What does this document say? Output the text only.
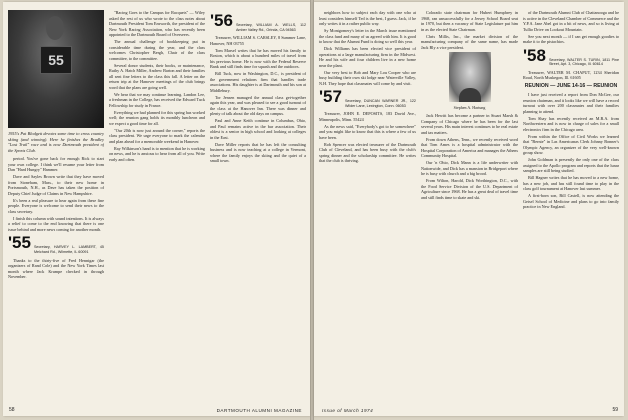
55
1955's Pat Blodgett devotes some time to cross country skiing (and winning). Here he finishes the Bradley "Lost Trail" race and is now Dartmouth president of the Sports Club.

period. You've gone back for enough Rick to start your own college. I think we'll resume your letter from Dan "Hard Hungry" Hammer.

Dave and Sayles Brown write that they have moved from Stoneham, Mass., to their new home in Portsmouth, N.H., as Dave has taken the position of Deputy Chief Judge of Claims in New Hampshire.

It's been a real pleasure to hear again from these fine people. Everyone is welcome to send their news to the class secretary.

I finish this column with sound intentions. It is always a relief to come to the end knowing that there is one issue behind and more news coming for another month.

'55 Secretary, HARVEY L. LAMBERT, 45 Melchard Rd., Wilmette, IL 60091

Thanks to the thirty-five of Fred Hennigar (the organizers of Rand Cole) and the New York Times last month where Jack Krumpe checked in through November.

"Racing Goes to the Campus for Racquets" — Wiley asked the rest of us who wrote to the class notes about Dartmouth President Tom Ensworth, the president of the New York Racing Association, who has recently been appointed to the Dartmouth Board of Overseers.

The annual challenge of bookkeeping put in considerable time during the year, and the class welcomes Christopher Bergh, Chair of the class committee, to the committee.

Several donor students, their books, or maintenance, Ruthy A. Hatch Miller, Andrew Barton and their families all sent fine letters to the class this fall. A letter on the return trip at the Hanover meetings of the club brings word that the plans are going well.

We hear that we may continue learning. Landon Lee, a freshman in the College, has received the Edward Tuck Fellowship for study in France.

Everything we had planned for this spring has worked well; the reunion gang holds its monthly luncheon and we expect a good time for all.

"Our 20th is now just around the corner," reports the class president. We urge everyone to mark the calendar and plan ahead for a memorable weekend in Hanover.

Ray Wilkinson's hand is to mention that he is working on news, and he is anxious to hear from all of you. Write early and often.

'56 Secretary, WILLIAM A. WELLS, 112 Amber Valley Rd., Orinda, CA 94563

Treasurer, WILLIAM S. CARSLEY, 8 Summer Lane, Hanover, NH 03755

Tom Marsel writes that he has moved his family to Boston, which is about a hundred miles of travel from his previous home. He is now with the Federal Reserve Bank and still finds time for squash and the outdoors.

Bill Tuck, now in Washington, D.C., is president of the government relations firm that handles trade associations. His daughter is at Dartmouth and his son at Middlebury.

Tor Jensen managed the annual class get-together again this year, and was pleased to see a good turnout of the class at the Hanover Inn. There was dinner and plenty of talk about the old days on campus.

Paul and Anne Keith continue in Columbus, Ohio, and Paul remains active in the bar association. Their oldest is a senior in high school and looking at colleges in the East.

Dave Miller reports that he has left the consulting business and is now teaching at a college in Vermont, where the family enjoys the skiing and the quiet of a small town.

58	DARTMOUTH ALUMNI MAGAZINE

neighbors how to subject each day with one who at least considers himself Ted is the best, I guess. Jack, if he only writes it in a rather public way.

Sy Montgomery's letter in the March issue mentioned the class fund and many of us agreed with him. It is good to know that the Alumni Fund is doing so well this year.

Dick Williams has been elected vice president of operations at a large manufacturing firm in the Midwest. He and his wife and four children live in a new home near the plant.

Our very best to Bob and Mary Lou Cooper who are busy building their own ski lodge near Waterville Valley, N.H. They hope that classmates will come by and visit.

'57 Secretary, DUNCAN WARNER JR., 122 Wilder Lane, Lexington, Conn. 06053

Treasurer, JOHN E. DEPOSITS, 183 David Ave., Minneapolis, Minn. 55424

As the news said, "Everybody's got to be somewhere" and you might like to know that this is where a few of us have been.

Rob Spencer was elected treasurer of the Dartmouth Club of Cleveland, and has been busy with the club's spring dinner and the scholarship committee. He writes that the club is thriving.

Colorado state chairman for Hubert Humphrey in 1968, ran unsuccessfully for a Jersey School Board seat in 1970, but then a vacancy of State Legislature put him in as the elected State Chairman.

Chris Millis, Inc., the market division of the manufacturing company of the same name, has made Jack Bly a vice president.

Stephen A. Hartung

Jack Hewitt has become a partner in Stuart Marsh & Company of Chicago where he has been for the last several years. His main interest continues to be real estate and tax matters.

From down Athens, Tenn., we recently received word that Tom Ames is a hospital administrator with the Hospital Corporation of America and manages the Athens Community Hospital.

Our 'n Ohio, Dick Mann is a life underwriter with Nationwide, and Dick has a mansion in Bridgeport where he is busy with church and a big brood.

From Wilton, Harold, Dick Worthington, D.C., with the Food Service Division of the U.S. Department of Agriculture since 1968. He has a great deal of travel time and still finds time to skate and ski.

of the Dartmouth Alumni Club of Chattanooga and he is active in the Cleveland Chamber of Commerce and the Y.P.A. Jane Abel got in a bit of news, and so is living at Tullio Drive on Lookout Mountain.

See you next month — if I can get enough goodies to make it to the pistachios.

'58 Secretary, WALTER S. TURIN, 1811 Pine Street, Apt. 3, Chicago, Ill. 60614

Treasurer, WALTER M. CHAPUT, 1234 Sheridan Road, North Muskegon, Ill. 61605

REUNION — JUNE 14-16 — REUNION

I have just received a report from Don McGee, our reunion chairman, and it looks like we will have a record turnout with over 200 classmates and their families planning to attend.

Tom Shay has recently received an M.B.A. from Northwestern and is now in charge of sales for a small electronics firm in the Chicago area.

From within the Office of Civil Works we learned that "Bernie" in Las Americanas Clerk Johnny Bonner's Olympic Agency, an organizer of the very well-known group show.

John Goldman is presently the only one of the class assigned to the Apollo program and reports that the lunar samples are still being studied.

Bill Hagner writes that he has moved to a new home, has a new job, and has still found time to play in the class golf tournament at Hanover last summer.

A first-born son, Bill Castell, is now attending the Geisel School of Medicine and plans to go into family practice in New England.

Issue of March 1974	59
